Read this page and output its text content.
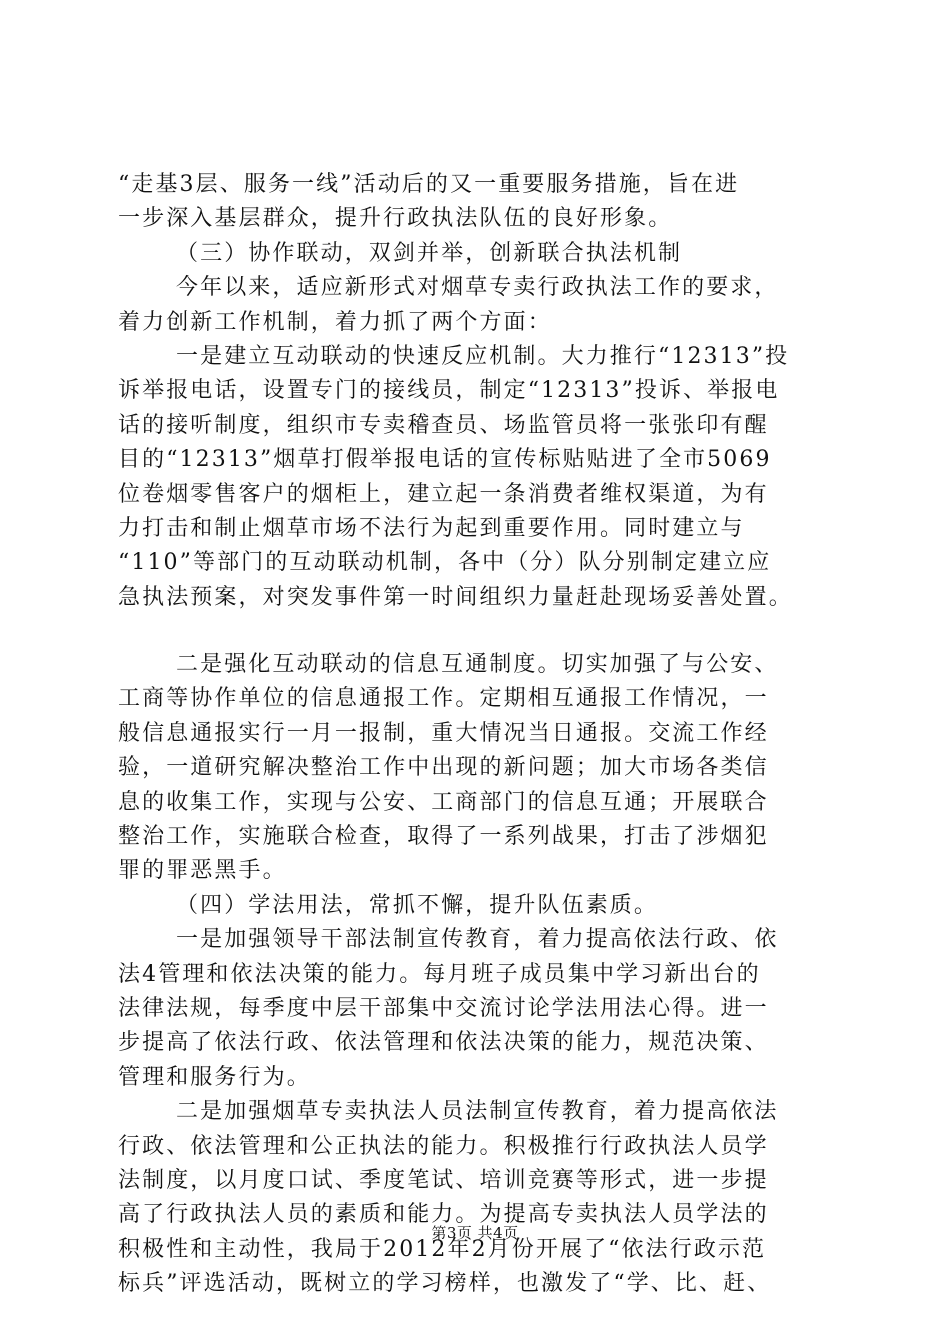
“走基3层、服务一线”活动后的又一重要服务措施，旨在进
一步深入基层群众，提升行政执法队伍的良好形象。
（三）协作联动，双剑并举，创新联合执法机制
今年以来，适应新形式对烟草专卖行政执法工作的要求，
着力创新工作机制，着力抓了两个方面：
一是建立互动联动的快速反应机制。大力推行“12313”投
诉举报电话，设置专门的接线员，制定“12313”投诉、举报电
话的接听制度，组织市专卖稽查员、场监管员将一张张印有醒
目的“12313”烟草打假举报电话的宣传标贴贴进了全市5069
位卷烟零售客户的烟柜上，建立起一条消费者维权渠道，为有
力打击和制止烟草市场不法行为起到重要作用。同时建立与
“110”等部门的互动联动机制，各中（分）队分别制定建立应
急执法预案，对突发事件第一时间组织力量赶赴现场妥善处置。
二是强化互动联动的信息互通制度。切实加强了与公安、
工商等协作单位的信息通报工作。定期相互通报工作情况，一
般信息通报实行一月一报制，重大情况当日通报。交流工作经
验，一道研究解决整治工作中出现的新问题；加大市场各类信
息的收集工作，实现与公安、工商部门的信息互通；开展联合
整治工作，实施联合检查，取得了一系列战果，打击了涉烟犯
罪的罪恶黑手。
（四）学法用法，常抓不懈，提升队伍素质。
一是加强领导干部法制宣传教育，着力提高依法行政、依
法4管理和依法决策的能力。每月班子成员集中学习新出台的
法律法规，每季度中层干部集中交流讨论学法用法心得。进一
步提高了依法行政、依法管理和依法决策的能力，规范决策、
管理和服务行为。
二是加强烟草专卖执法人员法制宣传教育，着力提高依法
行政、依法管理和公正执法的能力。积极推行行政执法人员学
法制度，以月度口试、季度笔试、培训竞赛等形式，进一步提
高了行政执法人员的素质和能力。为提高专卖执法人员学法的
积极性和主动性，我局于2012年2月份开展了“依法行政示范
标兵”评选活动，既树立的学习榜样，也激发了“学、比、赶、
第3页 共4页
